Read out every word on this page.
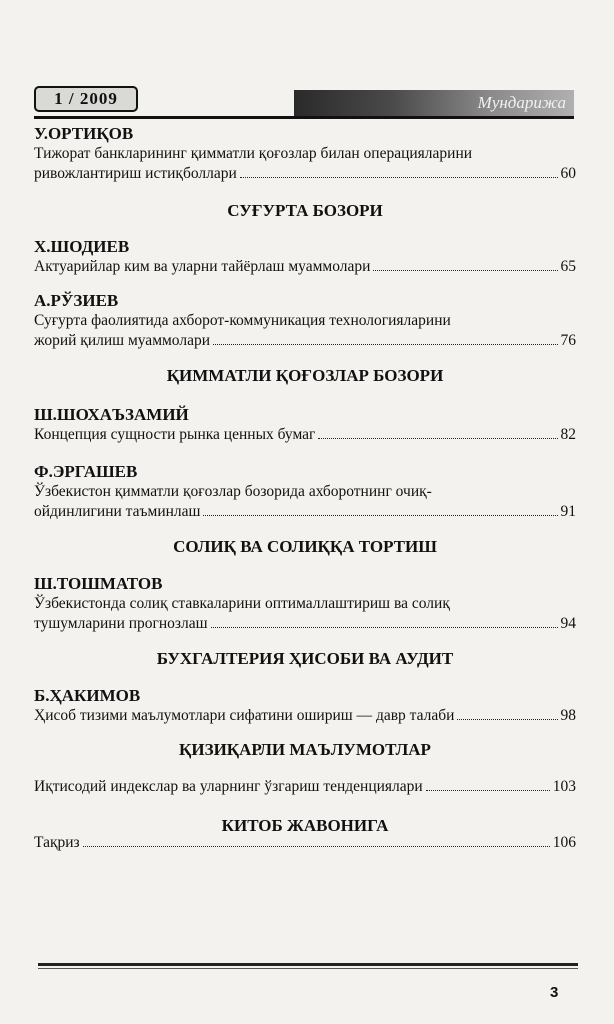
1 / 2009	Мундарижа
У.ОРТИҚОВ
Тижорат банкларининг қимматли қоғозлар билан операцияларини
ривожлантириш истиқболлари	60
СУҒУРТА БОЗОРИ
Х.ШОДИЕВ
Актуарийлар ким ва уларни тайёрлаш муаммолари	65
А.РЎЗИЕВ
Суғурта фаолиятида ахборот-коммуникация технологияларини
жорий қилиш муаммолари	76
ҚИММАТЛИ ҚОҒОЗЛАР БОЗОРИ
Ш.ШОХАЪЗАМИЙ
Концепция сущности рынка ценных бумаг	82
Ф.ЭРГАШЕВ
Ўзбекистон қимматли қоғозлар бозорида ахборотнинг очиқ-
ойдинлигини таъминлаш	91
СОЛИҚ ВА СОЛИҚҚА ТОРТИШ
Ш.ТОШМАТОВ
Ўзбекистонда солиқ ставкаларини оптималлаштириш ва солиқ
тушумларини прогнозлаш	94
БУХГАЛТЕРИЯ ҲИСОБИ ВА АУДИТ
Б.ҲАКИМОВ
Ҳисоб тизими маълумотлари сифатини ошириш — давр талаби	98
ҚИЗИҚАРЛИ МАЪЛУМОТЛАР
Иқтисодий индекслар ва уларнинг ўзгариш тенденциялари	103
КИТОБ ЖАВОНИГА
Тақриз	106
3
